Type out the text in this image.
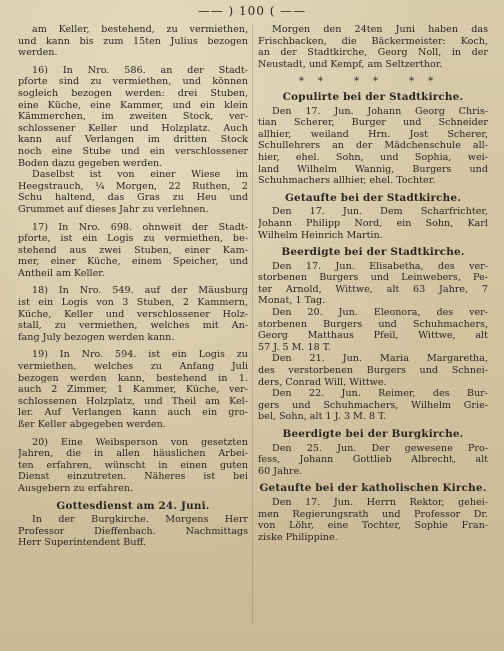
—— ) 100 ( ——
am Keller, bestehend, zu vermiethen,
und kann bis zum 15ten Julius bezogen
werden.
16) In Nro. 586. an der Stadt-
pforte sind zu vermiethen, und können
sogleich bezogen werden: drei Stuben,
eine Küche, eine Kammer, und ein klein
Kämmerchen, im zweiten Stock, ver-
schlossener Keller und Holzplatz. Auch
kann auf Verlangen im dritten Stock
noch eine Stube und ein verschlossener
Boden dazu gegeben werden.
Daselbst ist von einer Wiese im
Heegstrauch, ¼ Morgen, 22 Ruthen, 2
Schu haltend, das Gras zu Heu und
Grummet auf dieses Jahr zu verlehnen.
17) In Nro. 698. ohnweit der Stadt-
pforte, ist ein Logis zu vermiethen, be-
stehend aus zwei Stuben, einer Kam-
mer, einer Küche, einem Speicher, und
Antheil am Keller.
18) In Nro. 549. auf der Mäusburg
ist ein Logis von 3 Stuben, 2 Kammern,
Küche, Keller und verschlossener Holz-
stall, zu vermiethen, welches mit An-
fang July bezogen werden kann.
19) In Nro. 594. ist ein Logis zu
vermiethen, welches zu Anfang Juli
bezogen werden kann, bestehend in 1.
auch 2 Zimmer, 1 Kammer, Küche, ver-
schlossenen Holzplatz, und Theil am Kel-
ler. Auf Verlangen kann auch ein gro-
ßer Keller abgegeben werden.
20) Eine Weibsperson von gesetzten
Jahren, die in allen häuslichen Arbei-
ten erfahren, wünscht in einen guten
Dienst einzutreten. Näheres ist bei
Ausgebern zu erfahren.
Gottesdienst am 24. Juni.
In der Burgkirche. Morgens Herr
Professor Dieffenbach. Nachmittags
Herr Superintendent Buff.
Morgen den 24ten Juni haben das
Frischbacken, die Bäckermeister: Koch,
an der Stadtkirche, Georg Noll, in der
Neustadt, und Kempf, am Seltzerthor.
** ** **
Copulirte bei der Stadtkirche.
Den 17. Jun. Johann Georg Chris-
tian Scherer, Burger und Schneider
allhier, weiland Hrn. Jost Scherer,
Schullehrers an der Mädchenschule all-
hier, ehel. Sohn, und Sophia, wei-
land Wilhelm Wannig, Burgers und
Schuhmachers allhier, ehel. Tochter.
Getaufte bei der Stadtkirche.
Den 17. Jun. Dem Scharfrichter,
Johann Philipp Nord, ein Sohn, Karl
Wilhelm Heinrich Martin.
Beerdigte bei der Stadtkirche.
Den 17. Jun. Elisabetha, des ver-
storbenen Burgers und Leinwebers, Pe-
ter Arnold, Wittwe, alt 63 Jahre, 7
Monat, 1 Tag.
Den 20. Jun. Eleonora, des ver-
storbenen Burgers und Schuhmachers,
Georg Matthaus Pfeil, Wittwe, alt
57 J. 5 M. 18 T.
Den 21. Jun. Maria Margaretha,
des verstorbenen Burgers und Schnei-
ders, Conrad Will, Wittwe.
Den 22. Jun. Reimer, des Bur-
gers und Schuhmachers, Wilhelm Grie-
bel, Sohn, alt 1 J. 3 M. 8 T.
Beerdigte bei der Burgkirche.
Den 25. Jun. Der gewesene Pro-
fess, Johann Gottlieb Albrecht, alt
60 Jahre.
Getaufte bei der katholischen Kirche.
Den 17. Jun. Herrn Rektor, gehei-
men Regierungsrath und Professor Dr.
von Löhr, eine Tochter, Sophie Fran-
ziske Philippine.
